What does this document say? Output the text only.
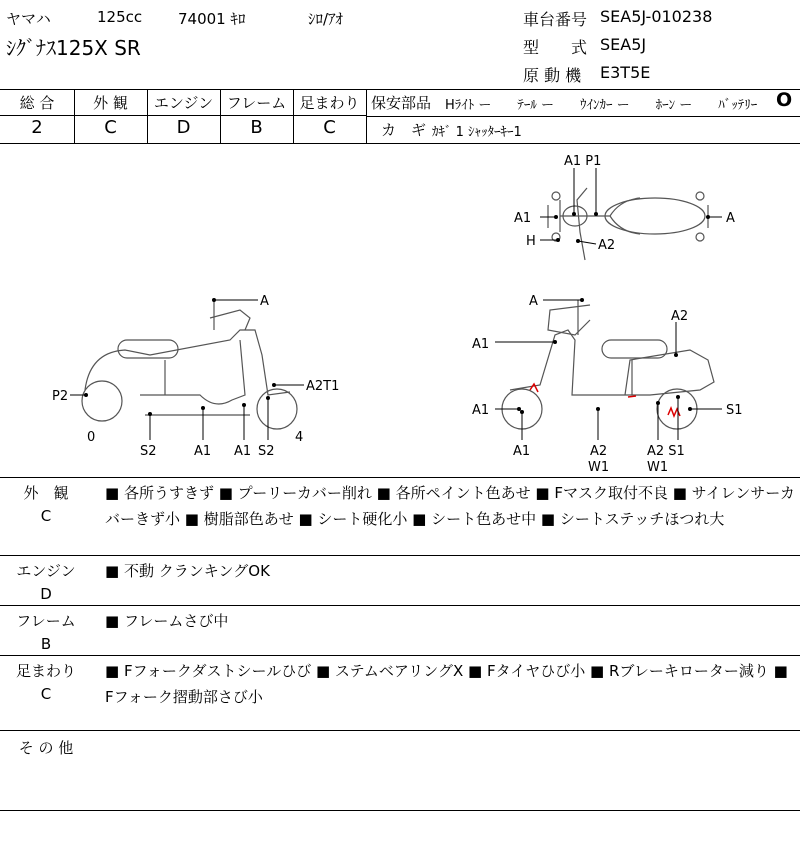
ヤマハ	125cc 74001 ｷﾛ	ｼﾛ/ｱｵ
ｼｸﾞﾅｽ125X SR
車台番号 SEA5J-010238
型　　式 SEA5J
原 動 機 E3T5E
総 合	外 観	エンジン フレーム 足まわり
2	C	D	B	C
保安部品 Hﾗｲﾄ ー　　ﾃｰﾙ ー　　ｳｲﾝｶｰ ー　　ﾎｰﾝ ー　　ﾊﾞｯﾃﾘｰ O
カ　ギ ｶｷﾞ 1 ｼｬｯﾀｰｷｰ1
A1 P1
A1	A
H	A2
A
P2
A2T1
0	4
S2	A1 A1 S2
A
A2
A1
A1	S1
A1	A2
W1
A2 S1
W1
外　観
C
■ 各所うすきず ■ プーリーカバー削れ ■ 各所ペイント色あせ ■ Fマスク取付不良 ■ サイレンサーカバーきず小 ■ 樹脂部色あせ ■ シート硬化小 ■ シート色あせ中 ■ シートステッチほつれ大
エンジン
D
■ 不動 クランキングOK
フレーム
B
■ フレームさび中
足まわり
C
■ Fフォークダストシールひび ■ ステムベアリングX ■ Fタイヤひび小 ■ Rブレーキローター減り ■ Fフォーク摺動部さび小
そ の 他
